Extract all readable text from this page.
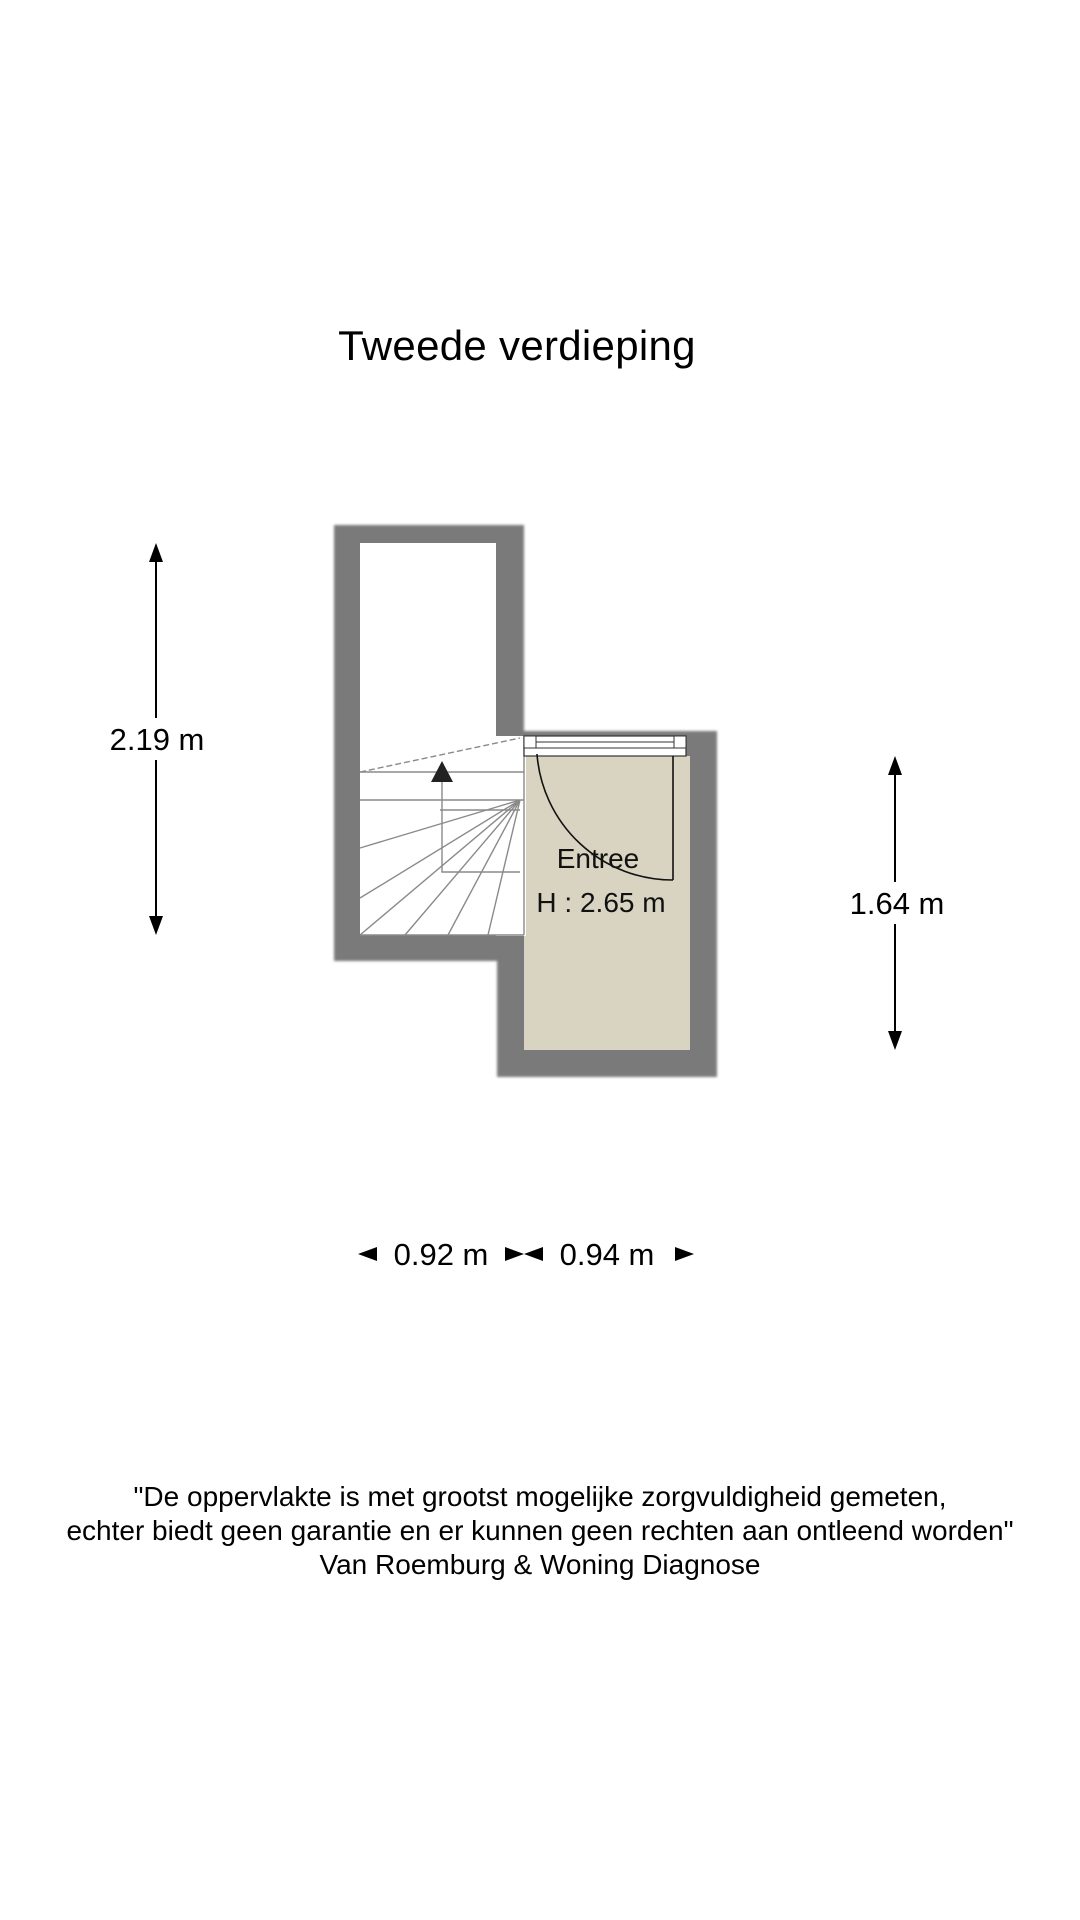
Tweede verdieping
Entree
H : 2.65 m
2.19 m
1.64 m
0.92 m 0.94 m
"De oppervlakte is met grootst mogelijke zorgvuldigheid gemeten,
echter biedt geen garantie en er kunnen geen rechten aan ontleend worden"
Van Roemburg & Woning Diagnose
